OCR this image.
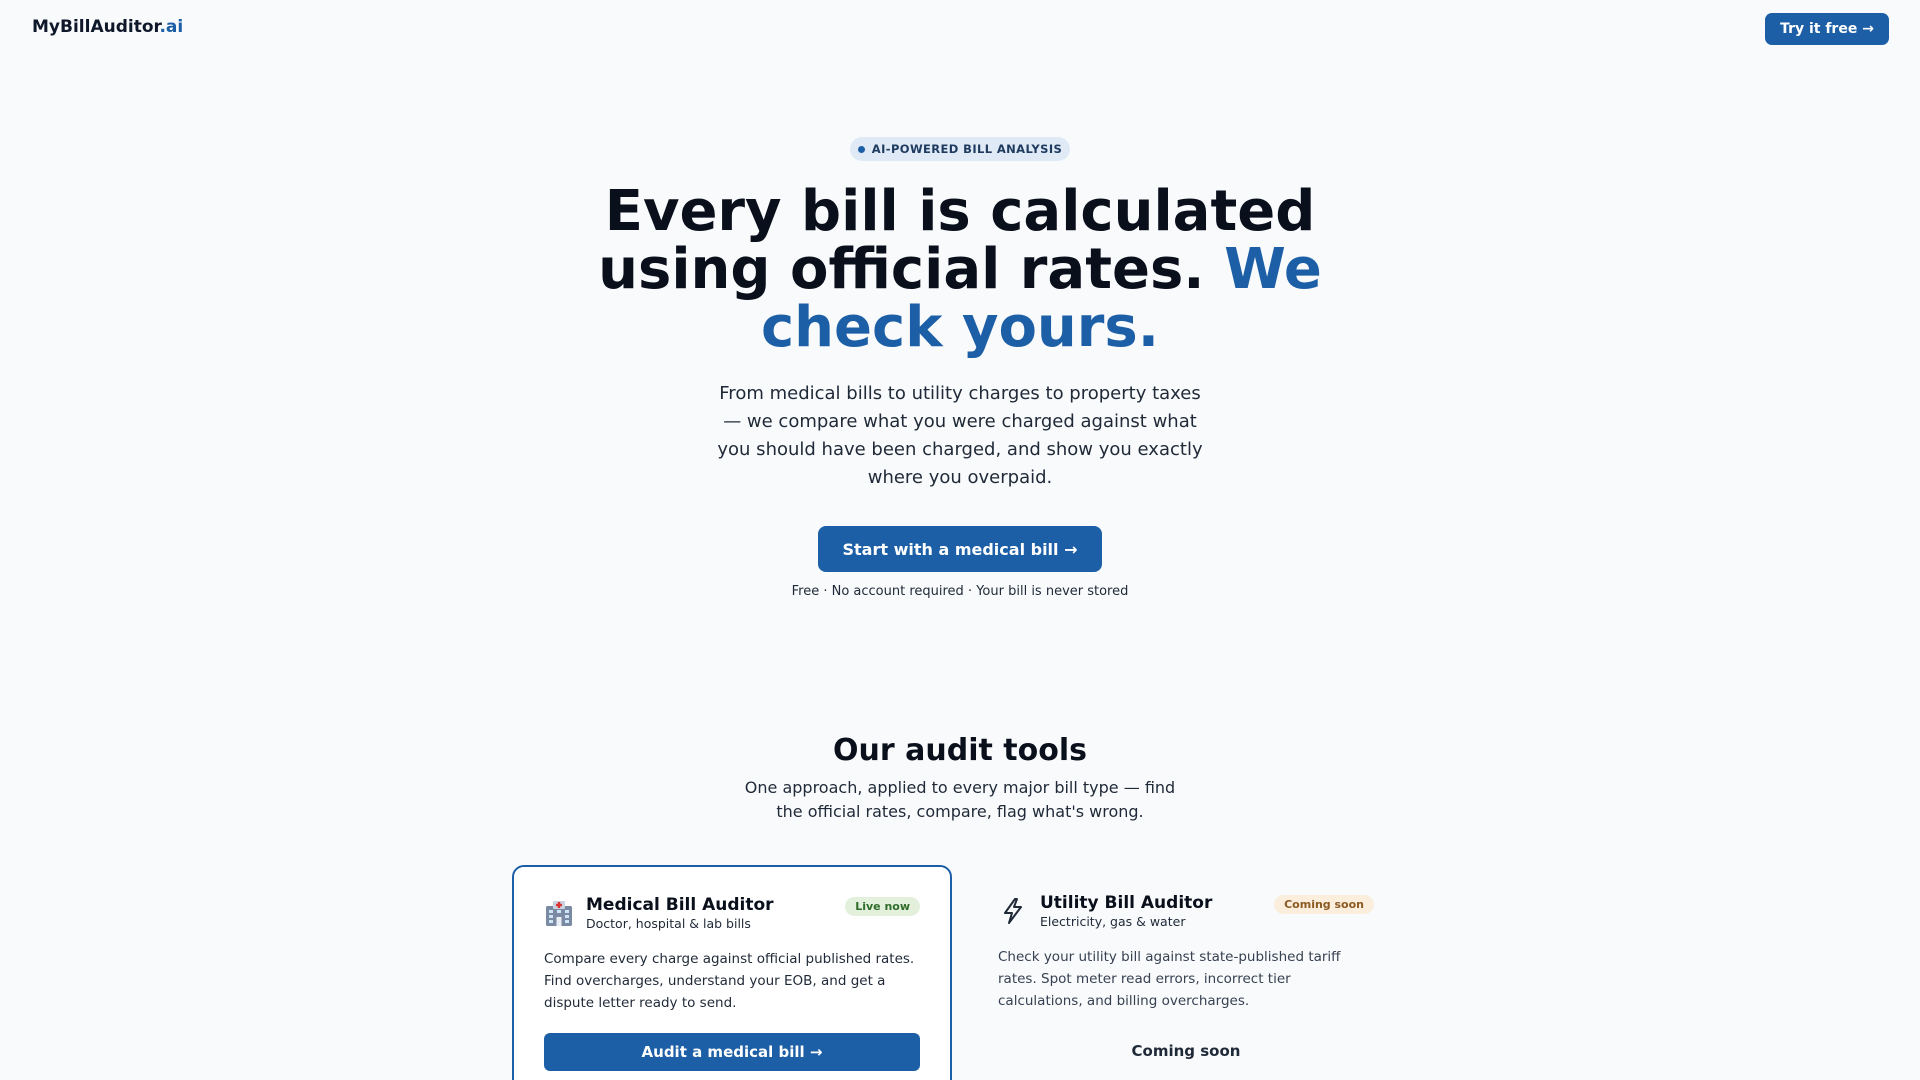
MyBillAuditor.ai	Try it free →
AI-POWERED BILL ANALYSIS
Every bill is calculated
using official rates. We
check yours.

From medical bills to utility charges to property taxes — we compare what you were charged against what you should have been charged, and show you exactly where you overpaid.

Start with a medical bill →

Free · No account required · Your bill is never stored

Our audit tools

One approach, applied to every major bill type — find the official rates, compare, flag what's wrong.

Medical Bill Auditor
Doctor, hospital & lab bills
Live now

Compare every charge against official published rates. Find overcharges, understand your EOB, and get a dispute letter ready to send.

Audit a medical bill →
Utility Bill Auditor
Electricity, gas & water
Coming soon

Check your utility bill against state-published tariff rates. Spot meter read errors, incorrect tier calculations, and billing overcharges.

Coming soon
